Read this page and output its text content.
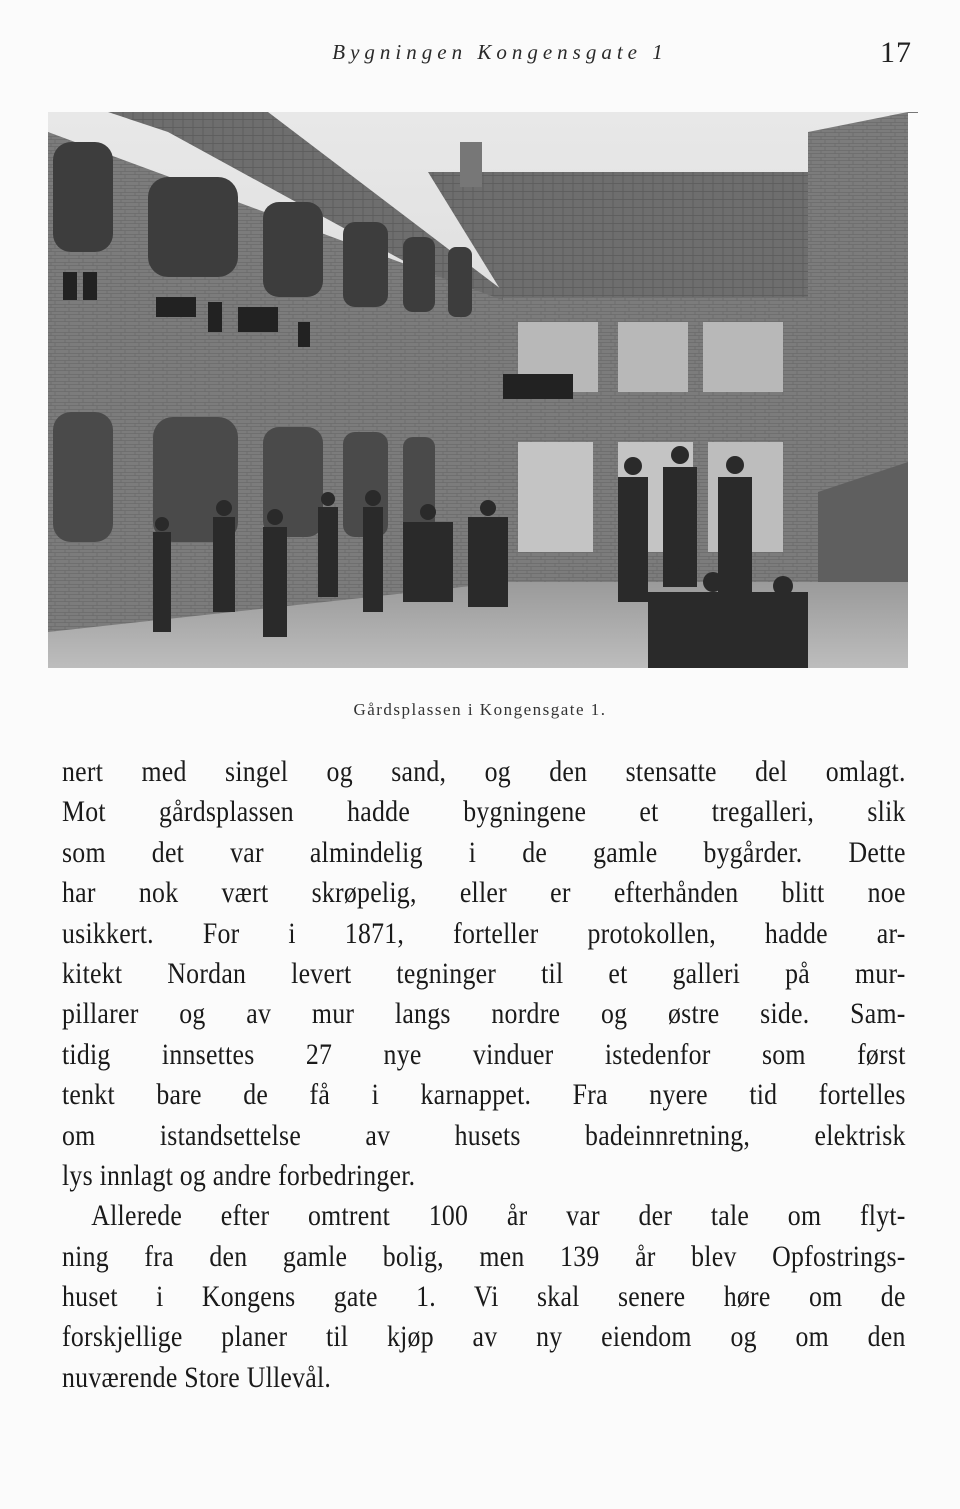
Bygningen Kongensgate 1	17
Gårdsplassen i Kongensgate 1.
nert med singel og sand, og den stensatte del omlagt.
Mot gårdsplassen hadde bygningene et tregalleri, slik
som det var almindelig i de gamle bygårder. Dette
har nok vært skrøpelig, eller er efterhånden blitt noe
usikkert. For i 1871, forteller protokollen, hadde ar-
kitekt Nordan levert tegninger til et galleri på mur-
pillarer og av mur langs nordre og østre side. Sam-
tidig innsettes 27 nye vinduer istedenfor som først
tenkt bare de få i karnappet. Fra nyere tid fortelles
om istandsettelse av husets badeinnretning, elektrisk
lys innlagt og andre forbedringer.
Allerede efter omtrent 100 år var der tale om flyt-
ning fra den gamle bolig, men 139 år blev Opfostrings-
huset i Kongens gate 1. Vi skal senere høre om de
forskjellige planer til kjøp av ny eiendom og om den
nuværende Store Ullevål.
